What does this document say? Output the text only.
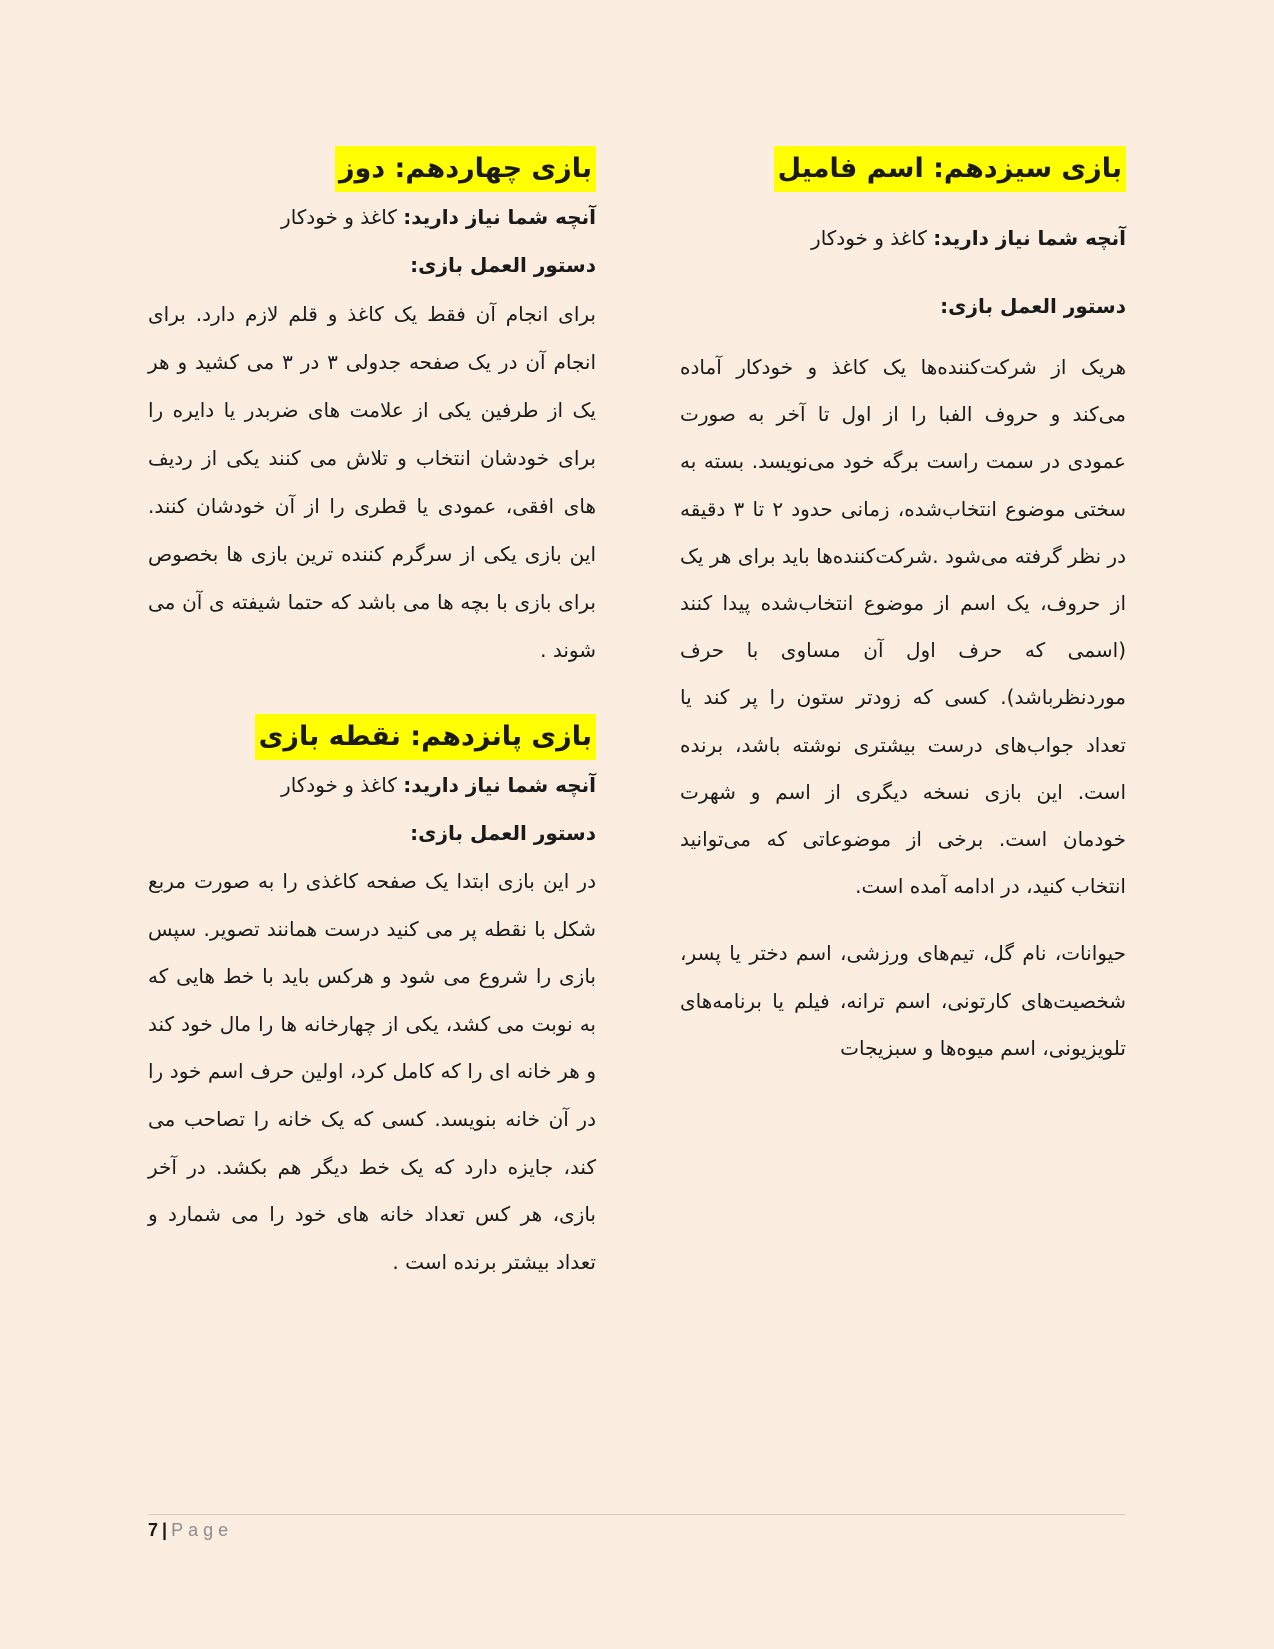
بازی سیزدهم: اسم فامیل

آنچه شما نیاز دارید: کاغذ و خودکار

دستور العمل بازی:

هریک از شرکت‌کننده‌ها یک کاغذ و خودکار آماده می‌کند و حروف الفبا را از اول تا آخر به صورت عمودی در سمت راست برگه خود می‌نویسد. بسته به سختی موضوع انتخاب‌شده، زمانی حدود ۲ تا ۳ دقیقه در نظر گرفته می‌شود .شرکت‌کننده‌ها باید برای هر یک از حروف، یک اسم از موضوع انتخاب‌شده پیدا کنند (اسمی که حرف اول آن مساوی با حرف موردنظرباشد). کسی که زودتر ستون را پر کند یا تعداد جواب‌های درست بیشتری نوشته باشد، برنده است. این بازی نسخه دیگری از اسم و شهرت خودمان است. برخی از موضوعاتی که می‌توانید انتخاب کنید، در ادامه آمده است.

حیوانات، نام گل، تیم‌های ورزشی، اسم دختر یا پسر، شخصیت‌های کارتونی، اسم ترانه، فیلم یا برنامه‌های تلویزیونی، اسم میوه‌ها و سبزیجات

بازی چهاردهم: دوز

آنچه شما نیاز دارید: کاغذ و خودکار

دستور العمل بازی:

برای انجام آن فقط یک کاغذ و قلم لازم دارد. برای انجام آن در یک صفحه جدولی ۳ در ۳ می کشید و هر یک از طرفین یکی از علامت های ضربدر یا دایره را برای خودشان انتخاب و تلاش می کنند یکی از ردیف های افقی، عمودی یا قطری را از آن خودشان کنند. این بازی یکی از سرگرم کننده ترین بازی ها بخصوص برای بازی با بچه ها می باشد که حتما شیفته ی آن می شوند .

بازی پانزدهم: نقطه بازی

آنچه شما نیاز دارید: کاغذ و خودکار

دستور العمل بازی:

در این بازی ابتدا یک صفحه کاغذی را به صورت مربع شکل با نقطه پر می کنید درست همانند تصویر. سپس بازی را شروع می شود و هرکس باید با خط هایی که به نوبت می کشد، یکی از چهارخانه ها را مال خود کند و هر خانه ای را که کامل کرد، اولین حرف اسم خود را در آن خانه بنویسد. کسی که یک خانه را تصاحب می کند، جایزه دارد که یک خط دیگر هم بکشد. در آخر بازی، هر کس تعداد خانه های خود را می شمارد و تعداد بیشتر برنده است .

7 | Page
